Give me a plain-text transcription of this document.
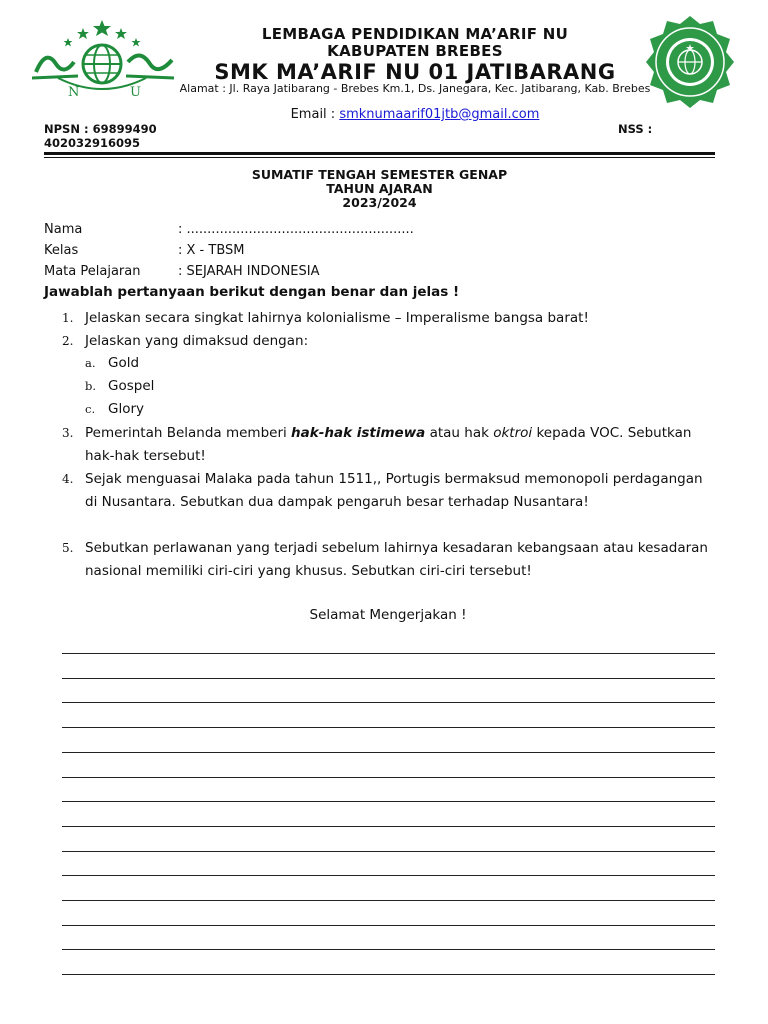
N	U
LEMBAGA PENDIDIKAN MA’ARIF NU
KABUPATEN BREBES
SMK MA’ARIF NU 01 JATIBARANG
Alamat : Jl. Raya Jatibarang - Brebes Km.1, Ds. Janegara, Kec. Jatibarang, Kab. Brebes
Email : smknumaarif01jtb@gmail.com
NPSN : 69899490
402032916095
NSS :
SUMATIF TENGAH SEMESTER GENAP
TAHUN AJARAN
2023/2024
Nama	: .......................................................
Kelas	: X - TBSM
Mata Pelajaran	: SEJARAH INDONESIA
Jawablah pertanyaan berikut dengan benar dan jelas !
1. Jelaskan secara singkat lahirnya kolonialisme – Imperalisme bangsa barat!
2. Jelaskan yang dimaksud dengan:
a. Gold
b. Gospel
c. Glory
3. Pemerintah Belanda memberi hak-hak istimewa atau hak oktroi kepada VOC. Sebutkan hak-hak tersebut!
4. Sejak menguasai Malaka pada tahun 1511,, Portugis bermaksud memonopoli perdagangan di Nusantara. Sebutkan dua dampak pengaruh besar terhadap Nusantara!
5. Sebutkan perlawanan yang terjadi sebelum lahirnya kesadaran kebangsaan atau kesadaran nasional memiliki ciri-ciri yang khusus. Sebutkan ciri-ciri tersebut!
Selamat Mengerjakan !
